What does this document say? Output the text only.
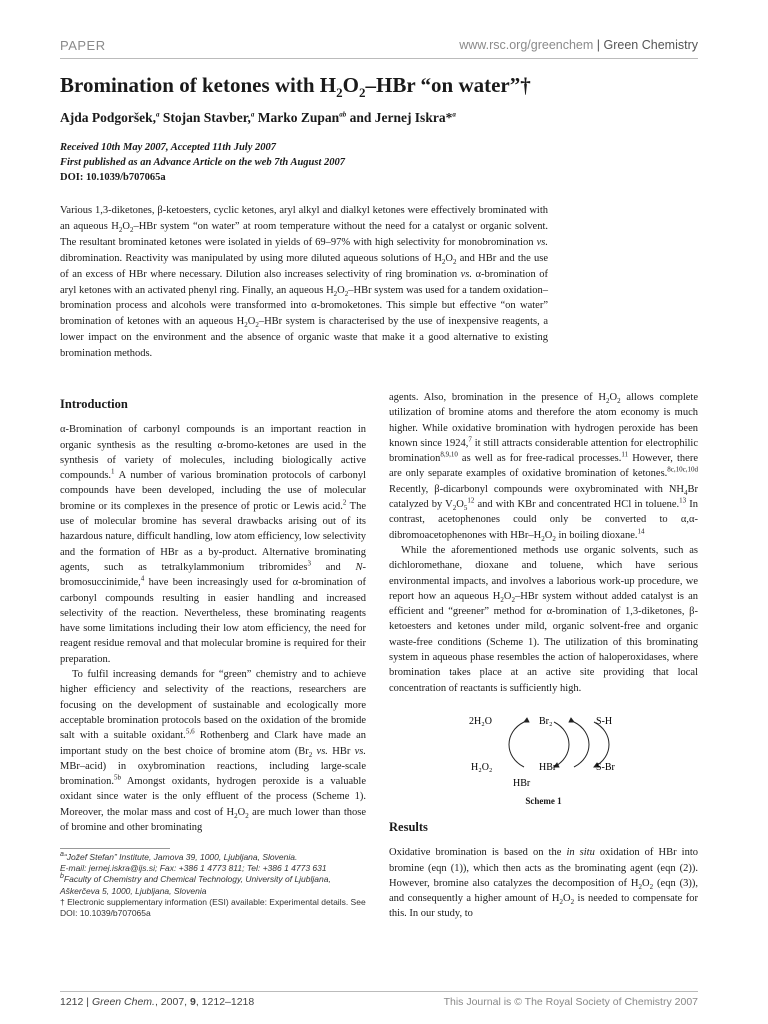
PAPER	www.rsc.org/greenchem | Green Chemistry
Bromination of ketones with $H_2O_2$–HBr “on water”†
Ajda Podgoršek,$^a$ Stojan Stavber,$^a$ Marko Zupan$^{ab}$ and Jernej Iskra*$^a$
Received 10th May 2007, Accepted 11th July 2007
First published as an Advance Article on the web 7th August 2007
DOI: 10.1039/b707065a

Various 1,3-diketones, β-ketoesters, cyclic ketones, aryl alkyl and dialkyl ketones were effectively brominated with an aqueous $H_2O_2$–HBr system “on water” at room temperature without the need for a catalyst or organic solvent. The resultant brominated ketones were isolated in yields of 69–97% with high selectivity for monobromination vs. dibromination. Reactivity was manipulated by using more diluted aqueous solutions of $H_2O_2$ and HBr and the use of an excess of HBr where necessary. Dilution also increases selectivity of ring bromination vs. α-bromination of aryl ketones with an activated phenyl ring. Finally, an aqueous $H_2O_2$–HBr system was used for a tandem oxidation–bromination process and alcohols were transformed into α-bromoketones. This simple but effective “on water” bromination of ketones with an aqueous $H_2O_2$–HBr system is characterised by the use of inexpensive reagents, a lower impact on the environment and the absence of organic waste that make it a good alternative to existing bromination methods.

Introduction

α-Bromination of carbonyl compounds is an important reaction in organic synthesis as the resulting α-bromo-ketones are used in the synthesis of variety of molecules, including biologically active compounds.$^1$ A number of various bromination protocols of carbonyl compounds have been developed, including the use of molecular bromine or its complexes in the presence of protic or Lewis acid.$^2$ The use of molecular bromine has several drawbacks arising out of its hazardous nature, difficult handling, low atom efficiency, low selectivity and the formation of HBr as a by-product. Alternative brominating agents, such as tetralkylammonium tribromides$^3$ and N-bromosuccinimide,$^4$ have been increasingly used for α-bromination of carbonyl compounds resulting in easier handling and increased selectivity of the reaction. Nevertheless, these brominating reagents have some limitations including their low atom efficiency, the need for reagent residue removal and that molecular bromine is required for their preparation.

To fulfil increasing demands for “green” chemistry and to achieve higher efficiency and selectivity of the reactions, researchers are focusing on the development of sustainable and ecologically more acceptable bromination protocols based on the oxidation of the bromide salt with a suitable oxidant.$^{5,6}$ Rothenberg and Clark have made an important study on the best choice of bromine atom ($Br_2$ vs. HBr vs. MBr–acid) in oxybromination reactions, including large-scale bromination.$^{5b}$ Amongst oxidants, hydrogen peroxide is a valuable oxidant since water is the only effluent of the process (Scheme 1). Moreover, the molar mass and cost of $H_2O_2$ are much lower than those of bromine and other brominating

agents. Also, bromination in the presence of $H_2O_2$ allows complete utilization of bromine atoms and therefore the atom economy is much higher. While oxidative bromination with hydrogen peroxide has been known since 1924,$^7$ it still attracts considerable attention for electrophilic bromination$^{8,9,10}$ as well as for free-radical processes.$^{11}$ However, there are only separate examples of oxidative bromination of ketones.$^{8c,10c,10d}$ Recently, β-dicarbonyl compounds were oxybrominated with $NH_4Br$ catalyzed by $V_2O_5^{12}$ and with KBr and concentrated HCl in toluene.$^{13}$ In contrast, acetophenones could only be converted to α,α-dibromoacetophenones with HBr–$H_2O_2$ in boiling dioxane.$^{14}$

While the aforementioned methods use organic solvents, such as dichloromethane, dioxane and toluene, which have serious environmental impacts, and involves a laborious work-up procedure, we report how an aqueous $H_2O_2$–HBr system without added catalyst is an efficient and “greener” method for α-bromination of 1,3-diketones, β-ketoesters and ketones under mild, organic solvent-free and organic waste-free conditions (Scheme 1). The utilization of this brominating system in aqueous phase resembles the action of haloperoxidases, where bromination takes place at an active site providing that local concentration of reactants is sufficiently high.

2H₂O	Br₂	S-H
H₂O₂	HBr	S-Br
HBr
Scheme 1
Results

Oxidative bromination is based on the in situ oxidation of HBr into bromine (eqn (1)), which then acts as the brominating agent (eqn (2)). However, bromine also catalyzes the decomposition of $H_2O_2$ (eqn (3)), and consequently a higher amount of $H_2O_2$ is needed to compensate for this. In our study, to

$^a$“Jožef Stefan” Institute, Jamova 39, 1000, Ljubljana, Slovenia.
E-mail: jernej.iskra@ijs.si; Fax: +386 1 4773 811; Tel: +386 1 4773 631
$^b$Faculty of Chemistry and Chemical Technology, University of Ljubljana, Aškerčeva 5, 1000, Ljubljana, Slovenia
† Electronic supplementary information (ESI) available: Experimental details. See DOI: 10.1039/b707065a
1212 | Green Chem., 2007, 9, 1212–1218	This Journal is © The Royal Society of Chemistry 2007
